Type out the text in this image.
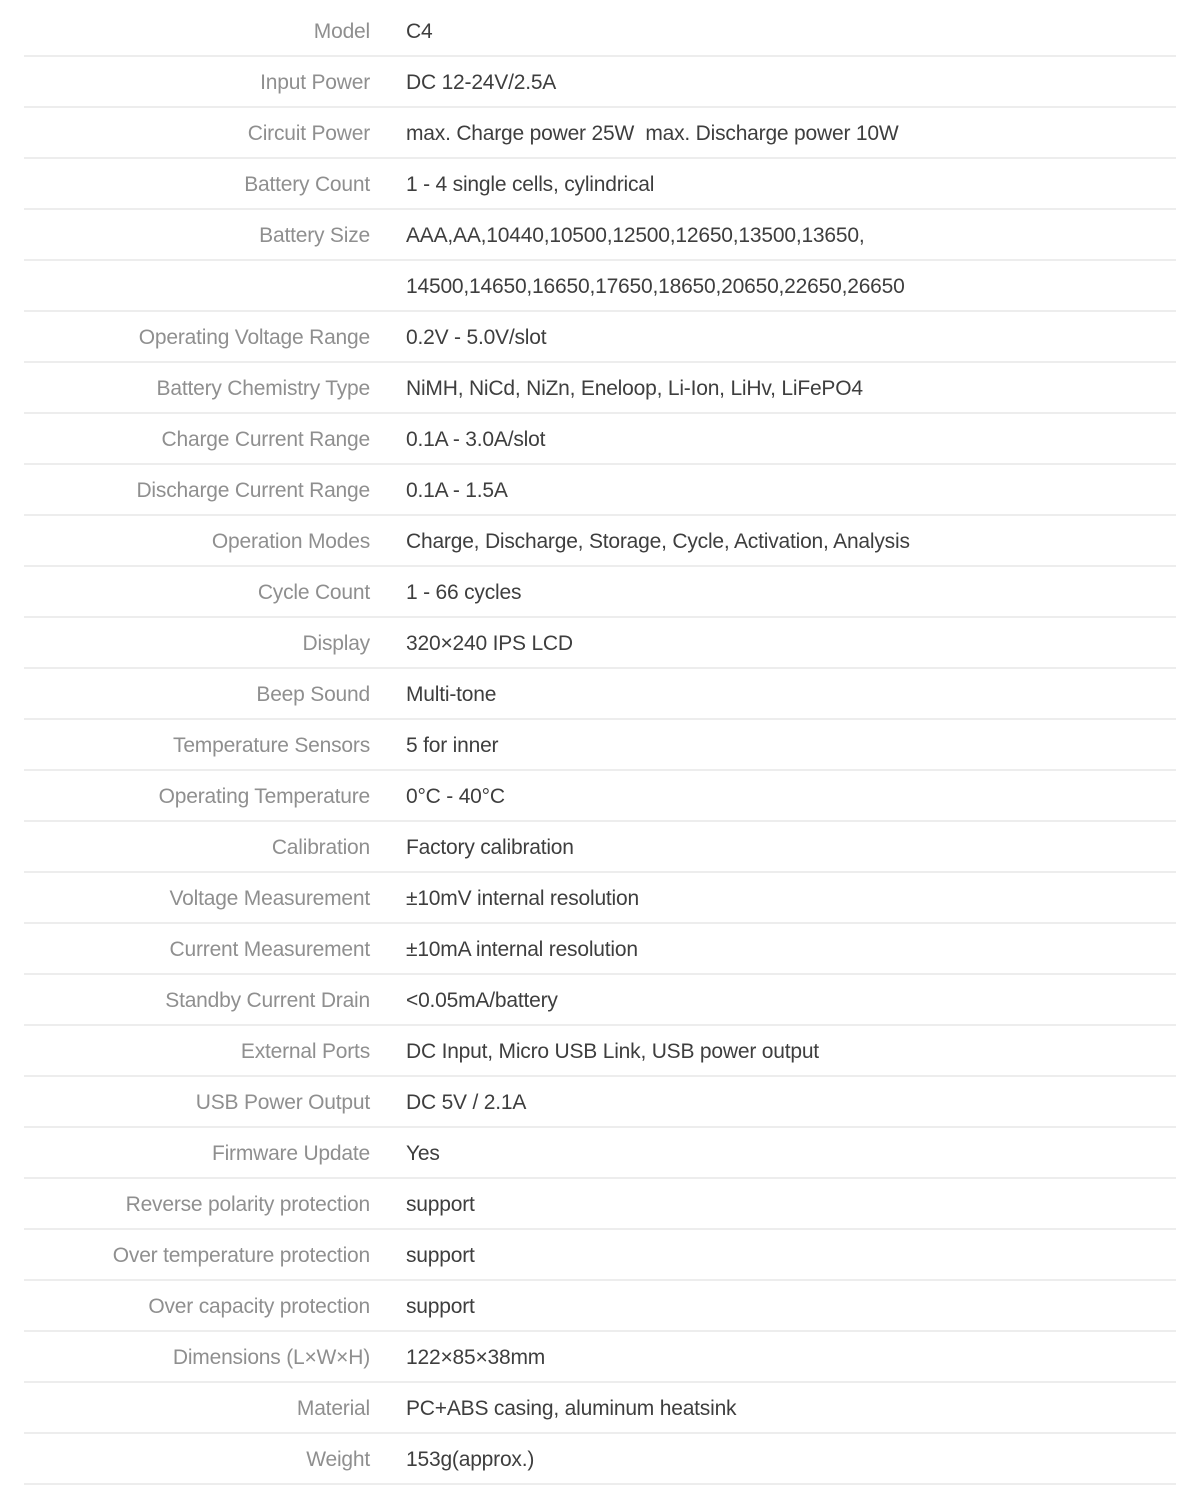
Model	C4
Input Power	DC 12-24V/2.5A
Circuit Power	max. Charge power 25W  max. Discharge power 10W
Battery Count	1 - 4 single cells, cylindrical
Battery Size	AAA,AA,10440,10500,12500,12650,13500,13650,
14500,14650,16650,17650,18650,20650,22650,26650
Operating Voltage Range	0.2V - 5.0V/slot
Battery Chemistry Type	NiMH, NiCd, NiZn, Eneloop, Li-Ion, LiHv, LiFePO4
Charge Current Range	0.1A - 3.0A/slot
Discharge Current Range	0.1A - 1.5A
Operation Modes	Charge, Discharge, Storage, Cycle, Activation, Analysis
Cycle Count	1 - 66 cycles
Display	320×240 IPS LCD
Beep Sound	Multi-tone
Temperature Sensors	5 for inner
Operating Temperature	0°C - 40°C
Calibration	Factory calibration
Voltage Measurement	±10mV internal resolution
Current Measurement	±10mA internal resolution
Standby Current Drain	<0.05mA/battery
External Ports	DC Input, Micro USB Link, USB power output
USB Power Output	DC 5V / 2.1A
Firmware Update	Yes
Reverse polarity protection	support
Over temperature protection	support
Over capacity protection	support
Dimensions (L×W×H)	122×85×38mm
Material	PC+ABS casing, aluminum heatsink
Weight	153g(approx.)
